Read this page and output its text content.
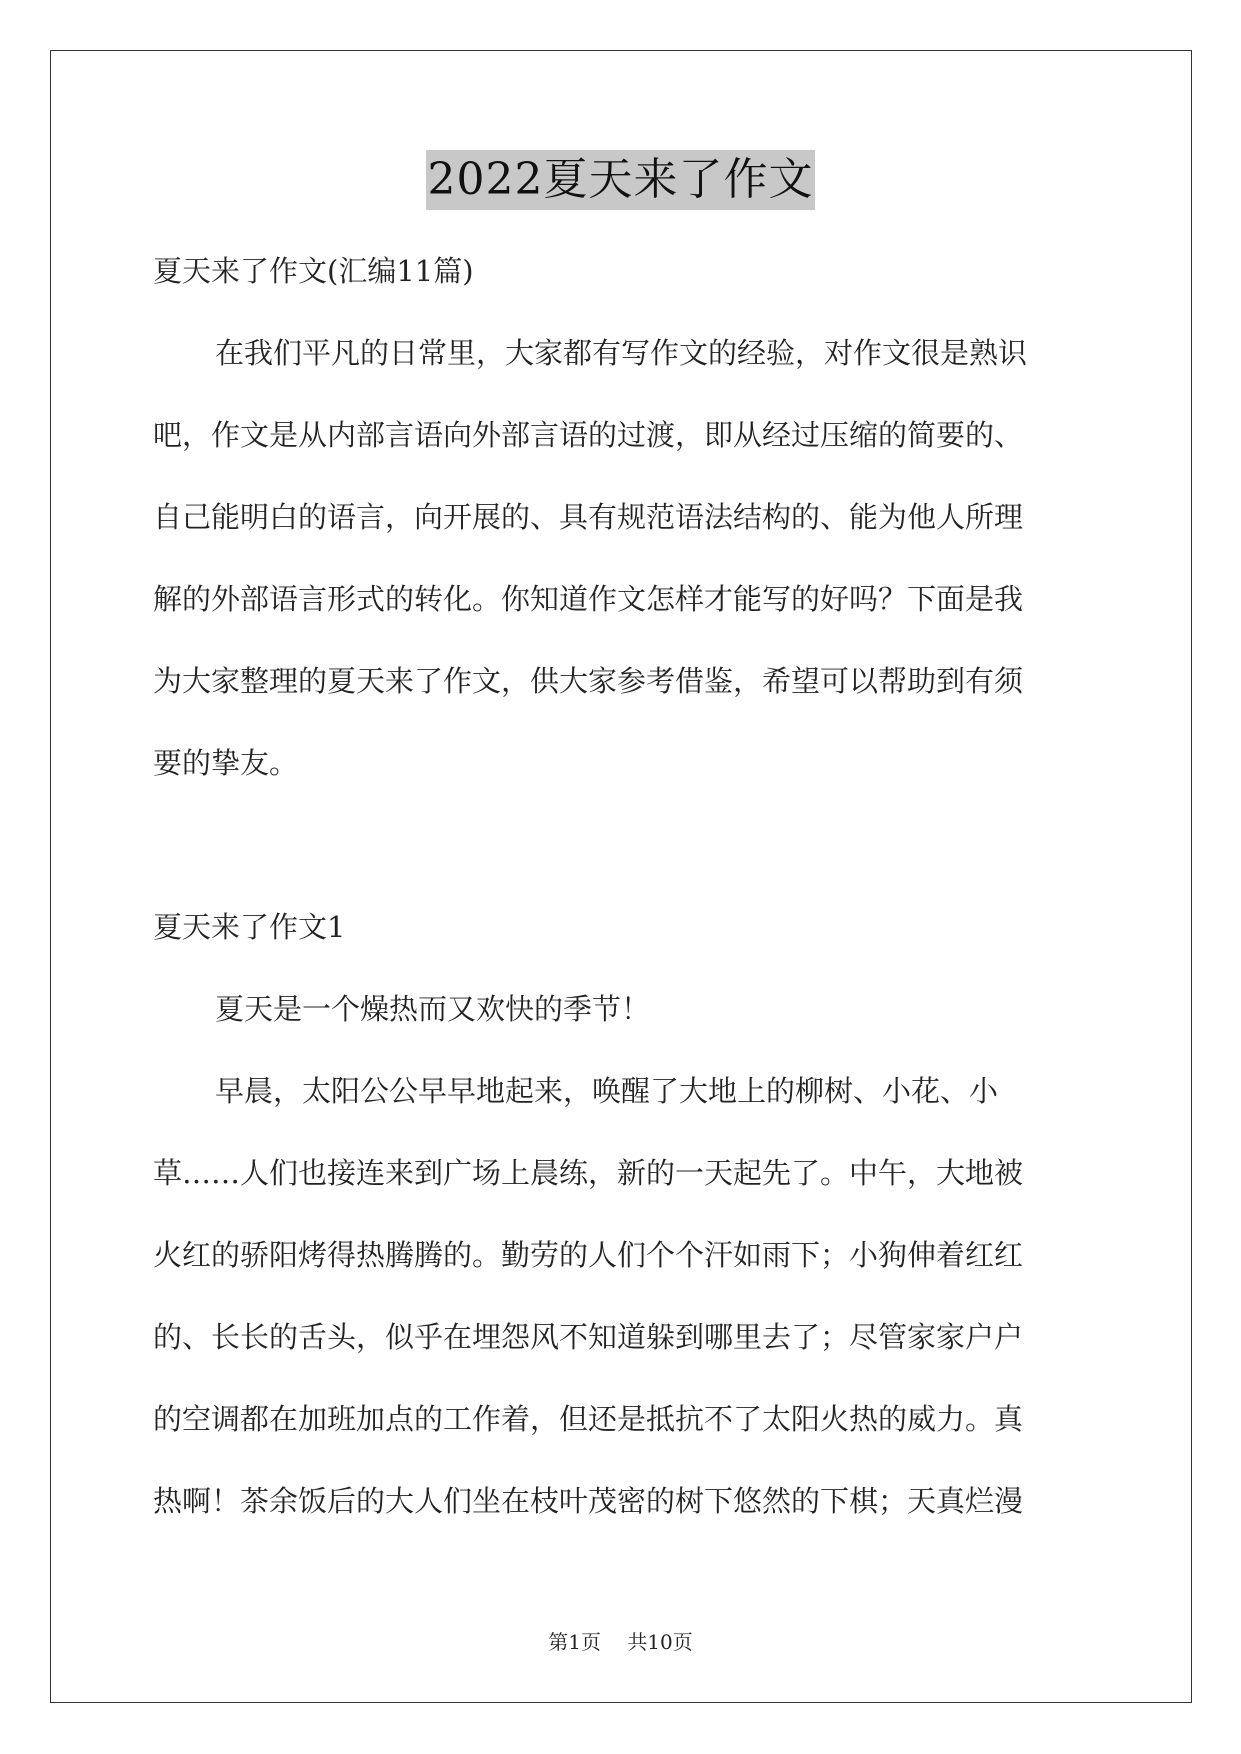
2022夏天来了作文
夏天来了作文(汇编11篇)
在我们平凡的日常里，大家都有写作文的经验，对作文很是熟识
吧，作文是从内部言语向外部言语的过渡，即从经过压缩的简要的、
自己能明白的语言，向开展的、具有规范语法结构的、能为他人所理
解的外部语言形式的转化。你知道作文怎样才能写的好吗？下面是我
为大家整理的夏天来了作文，供大家参考借鉴，希望可以帮助到有须
要的挚友。
夏天来了作文1
夏天是一个燥热而又欢快的季节！
早晨，太阳公公早早地起来，唤醒了大地上的柳树、小花、小
草……人们也接连来到广场上晨练，新的一天起先了。中午，大地被
火红的骄阳烤得热腾腾的。勤劳的人们个个汗如雨下；小狗伸着红红
的、长长的舌头，似乎在埋怨风不知道躲到哪里去了；尽管家家户户
的空调都在加班加点的工作着，但还是抵抗不了太阳火热的威力。真
热啊！茶余饭后的大人们坐在枝叶茂密的树下悠然的下棋；天真烂漫
第1页 共10页
